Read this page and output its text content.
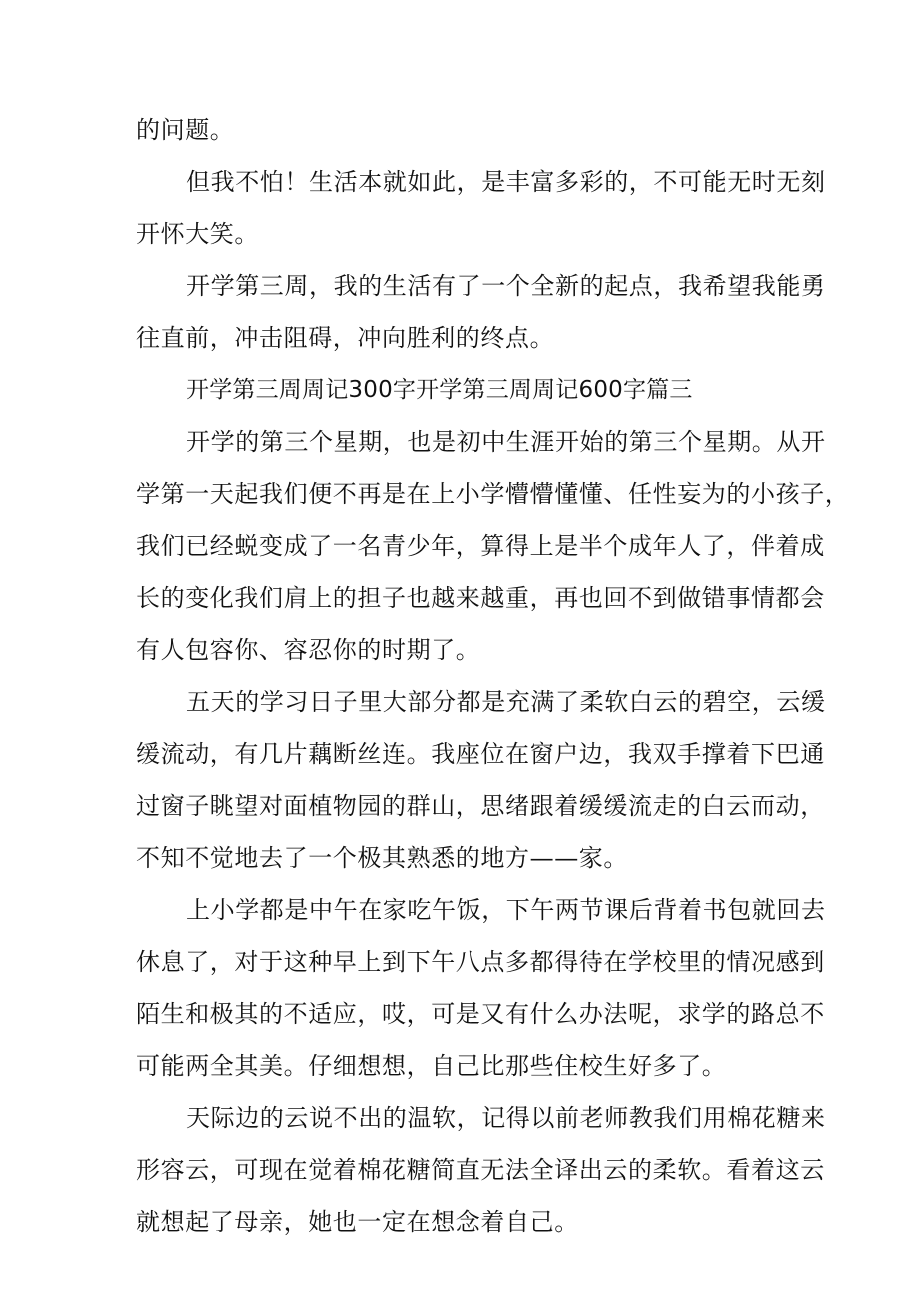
的问题。
但我不怕！生活本就如此，是丰富多彩的，不可能无时无刻
开怀大笑。
开学第三周，我的生活有了一个全新的起点，我希望我能勇
往直前，冲击阻碍，冲向胜利的终点。
开学第三周周记300字开学第三周周记600字篇三
开学的第三个星期，也是初中生涯开始的第三个星期。从开
学第一天起我们便不再是在上小学懵懵懂懂、任性妄为的小孩子，
我们已经蜕变成了一名青少年，算得上是半个成年人了，伴着成
长的变化我们肩上的担子也越来越重，再也回不到做错事情都会
有人包容你、容忍你的时期了。
五天的学习日子里大部分都是充满了柔软白云的碧空，云缓
缓流动，有几片藕断丝连。我座位在窗户边，我双手撑着下巴通
过窗子眺望对面植物园的群山，思绪跟着缓缓流走的白云而动，
不知不觉地去了一个极其熟悉的地方——家。
上小学都是中午在家吃午饭，下午两节课后背着书包就回去
休息了，对于这种早上到下午八点多都得待在学校里的情况感到
陌生和极其的不适应，哎，可是又有什么办法呢，求学的路总不
可能两全其美。仔细想想，自己比那些住校生好多了。
天际边的云说不出的温软，记得以前老师教我们用棉花糖来
形容云，可现在觉着棉花糖简直无法全译出云的柔软。看着这云
就想起了母亲，她也一定在想念着自己。
